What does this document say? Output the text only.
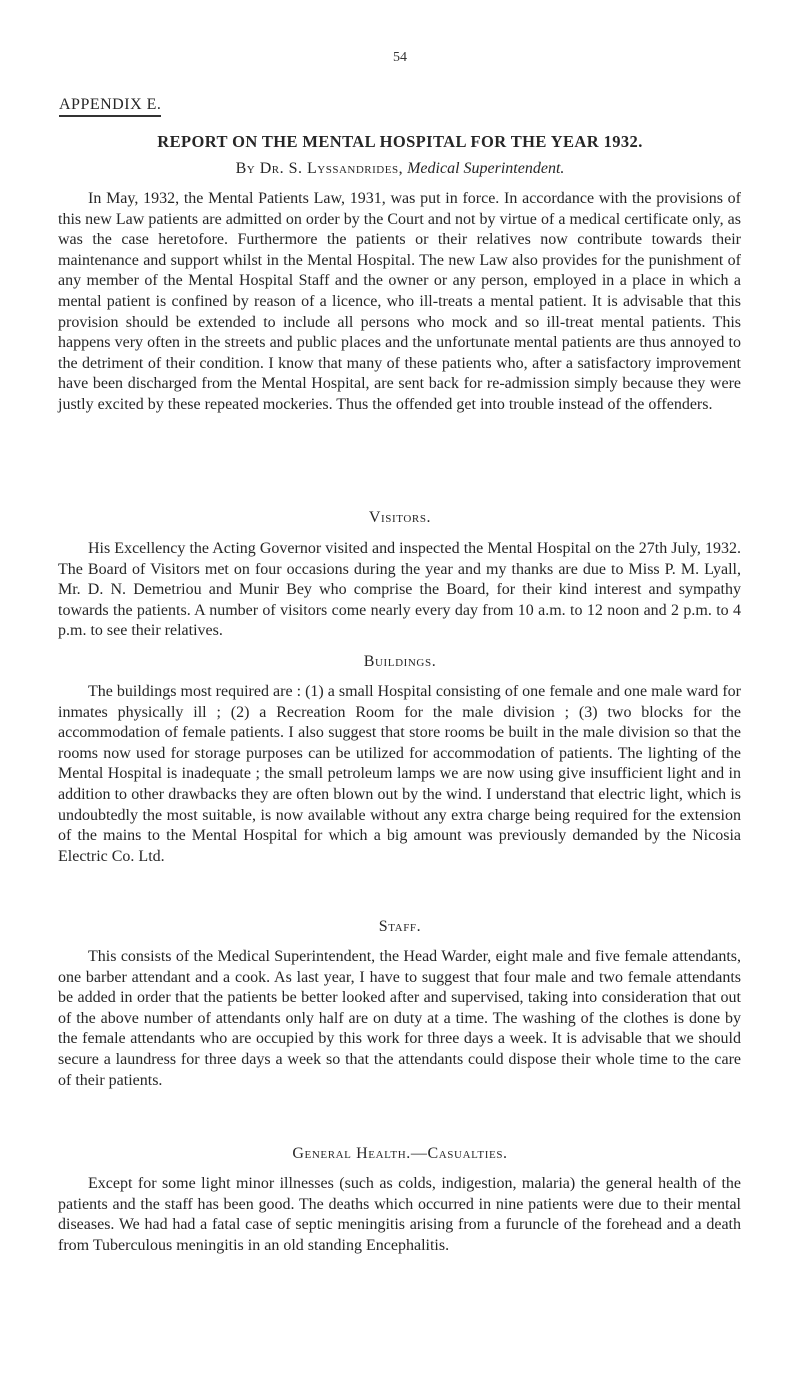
54
APPENDIX E.
REPORT ON THE MENTAL HOSPITAL FOR THE YEAR 1932.
By Dr. S. Lyssandrides, Medical Superintendent.

In May, 1932, the Mental Patients Law, 1931, was put in force. In accordance with the provisions of this new Law patients are admitted on order by the Court and not by virtue of a medical certificate only, as was the case heretofore. Furthermore the patients or their relatives now contribute towards their maintenance and support whilst in the Mental Hospital. The new Law also provides for the punishment of any member of the Mental Hospital Staff and the owner or any person, employed in a place in which a mental patient is confined by reason of a licence, who ill-treats a mental patient. It is advisable that this provision should be extended to include all persons who mock and so ill-treat mental patients. This happens very often in the streets and public places and the unfortunate mental patients are thus annoyed to the detriment of their condition. I know that many of these patients who, after a satisfactory improvement have been discharged from the Mental Hospital, are sent back for re-admission simply because they were justly excited by these repeated mockeries. Thus the offended get into trouble instead of the offenders.

Visitors.

His Excellency the Acting Governor visited and inspected the Mental Hospital on the 27th July, 1932. The Board of Visitors met on four occasions during the year and my thanks are due to Miss P. M. Lyall, Mr. D. N. Demetriou and Munir Bey who comprise the Board, for their kind interest and sympathy towards the patients. A number of visitors come nearly every day from 10 a.m. to 12 noon and 2 p.m. to 4 p.m. to see their relatives.

Buildings.

The buildings most required are : (1) a small Hospital consisting of one female and one male ward for inmates physically ill ; (2) a Recreation Room for the male division ; (3) two blocks for the accommodation of female patients. I also suggest that store rooms be built in the male division so that the rooms now used for storage purposes can be utilized for accommodation of patients. The lighting of the Mental Hospital is inadequate ; the small petroleum lamps we are now using give insufficient light and in addition to other drawbacks they are often blown out by the wind. I understand that electric light, which is undoubtedly the most suitable, is now available without any extra charge being required for the extension of the mains to the Mental Hospital for which a big amount was previously demanded by the Nicosia Electric Co. Ltd.

Staff.

This consists of the Medical Superintendent, the Head Warder, eight male and five female attendants, one barber attendant and a cook. As last year, I have to suggest that four male and two female attendants be added in order that the patients be better looked after and supervised, taking into consideration that out of the above number of attendants only half are on duty at a time. The washing of the clothes is done by the female attendants who are occupied by this work for three days a week. It is advisable that we should secure a laundress for three days a week so that the attendants could dispose their whole time to the care of their patients.

General Health.—Casualties.

Except for some light minor illnesses (such as colds, indigestion, malaria) the general health of the patients and the staff has been good. The deaths which occurred in nine patients were due to their mental diseases. We had had a fatal case of septic meningitis arising from a furuncle of the forehead and a death from Tuberculous meningitis in an old standing Encephalitis.
